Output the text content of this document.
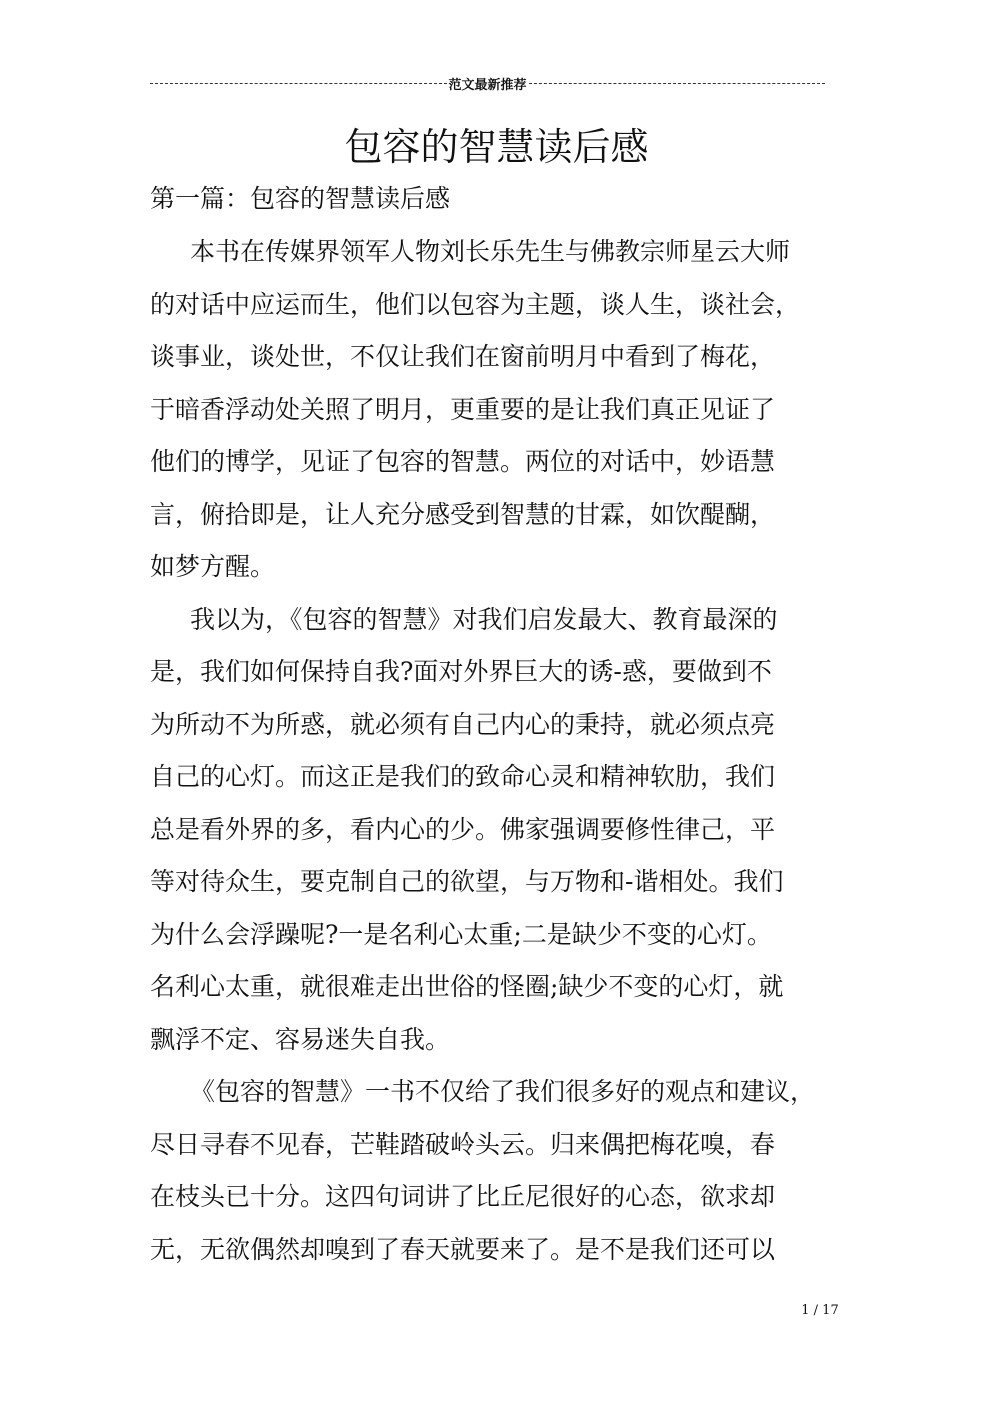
范文最新推荐
包容的智慧读后感
第一篇：包容的智慧读后感
本书在传媒界领军人物刘长乐先生与佛教宗师星云大师
的对话中应运而生，他们以包容为主题，谈人生，谈社会，
谈事业，谈处世，不仅让我们在窗前明月中看到了梅花，
于暗香浮动处关照了明月，更重要的是让我们真正见证了
他们的博学，见证了包容的智慧。两位的对话中，妙语慧
言，俯拾即是，让人充分感受到智慧的甘霖，如饮醍醐，
如梦方醒。
我以为，《包容的智慧》对我们启发最大、教育最深的
是，我们如何保持自我?面对外界巨大的诱-惑，要做到不
为所动不为所惑，就必须有自己内心的秉持，就必须点亮
自己的心灯。而这正是我们的致命心灵和精神软肋，我们
总是看外界的多，看内心的少。佛家强调要修性律己，平
等对待众生，要克制自己的欲望，与万物和-谐相处。我们
为什么会浮躁呢?一是名利心太重;二是缺少不变的心灯。
名利心太重，就很难走出世俗的怪圈;缺少不变的心灯，就
飘浮不定、容易迷失自我。
《包容的智慧》一书不仅给了我们很多好的观点和建议，
尽日寻春不见春，芒鞋踏破岭头云。归来偶把梅花嗅，春
在枝头已十分。这四句词讲了比丘尼很好的心态，欲求却
无，无欲偶然却嗅到了春天就要来了。是不是我们还可以
1 / 17
